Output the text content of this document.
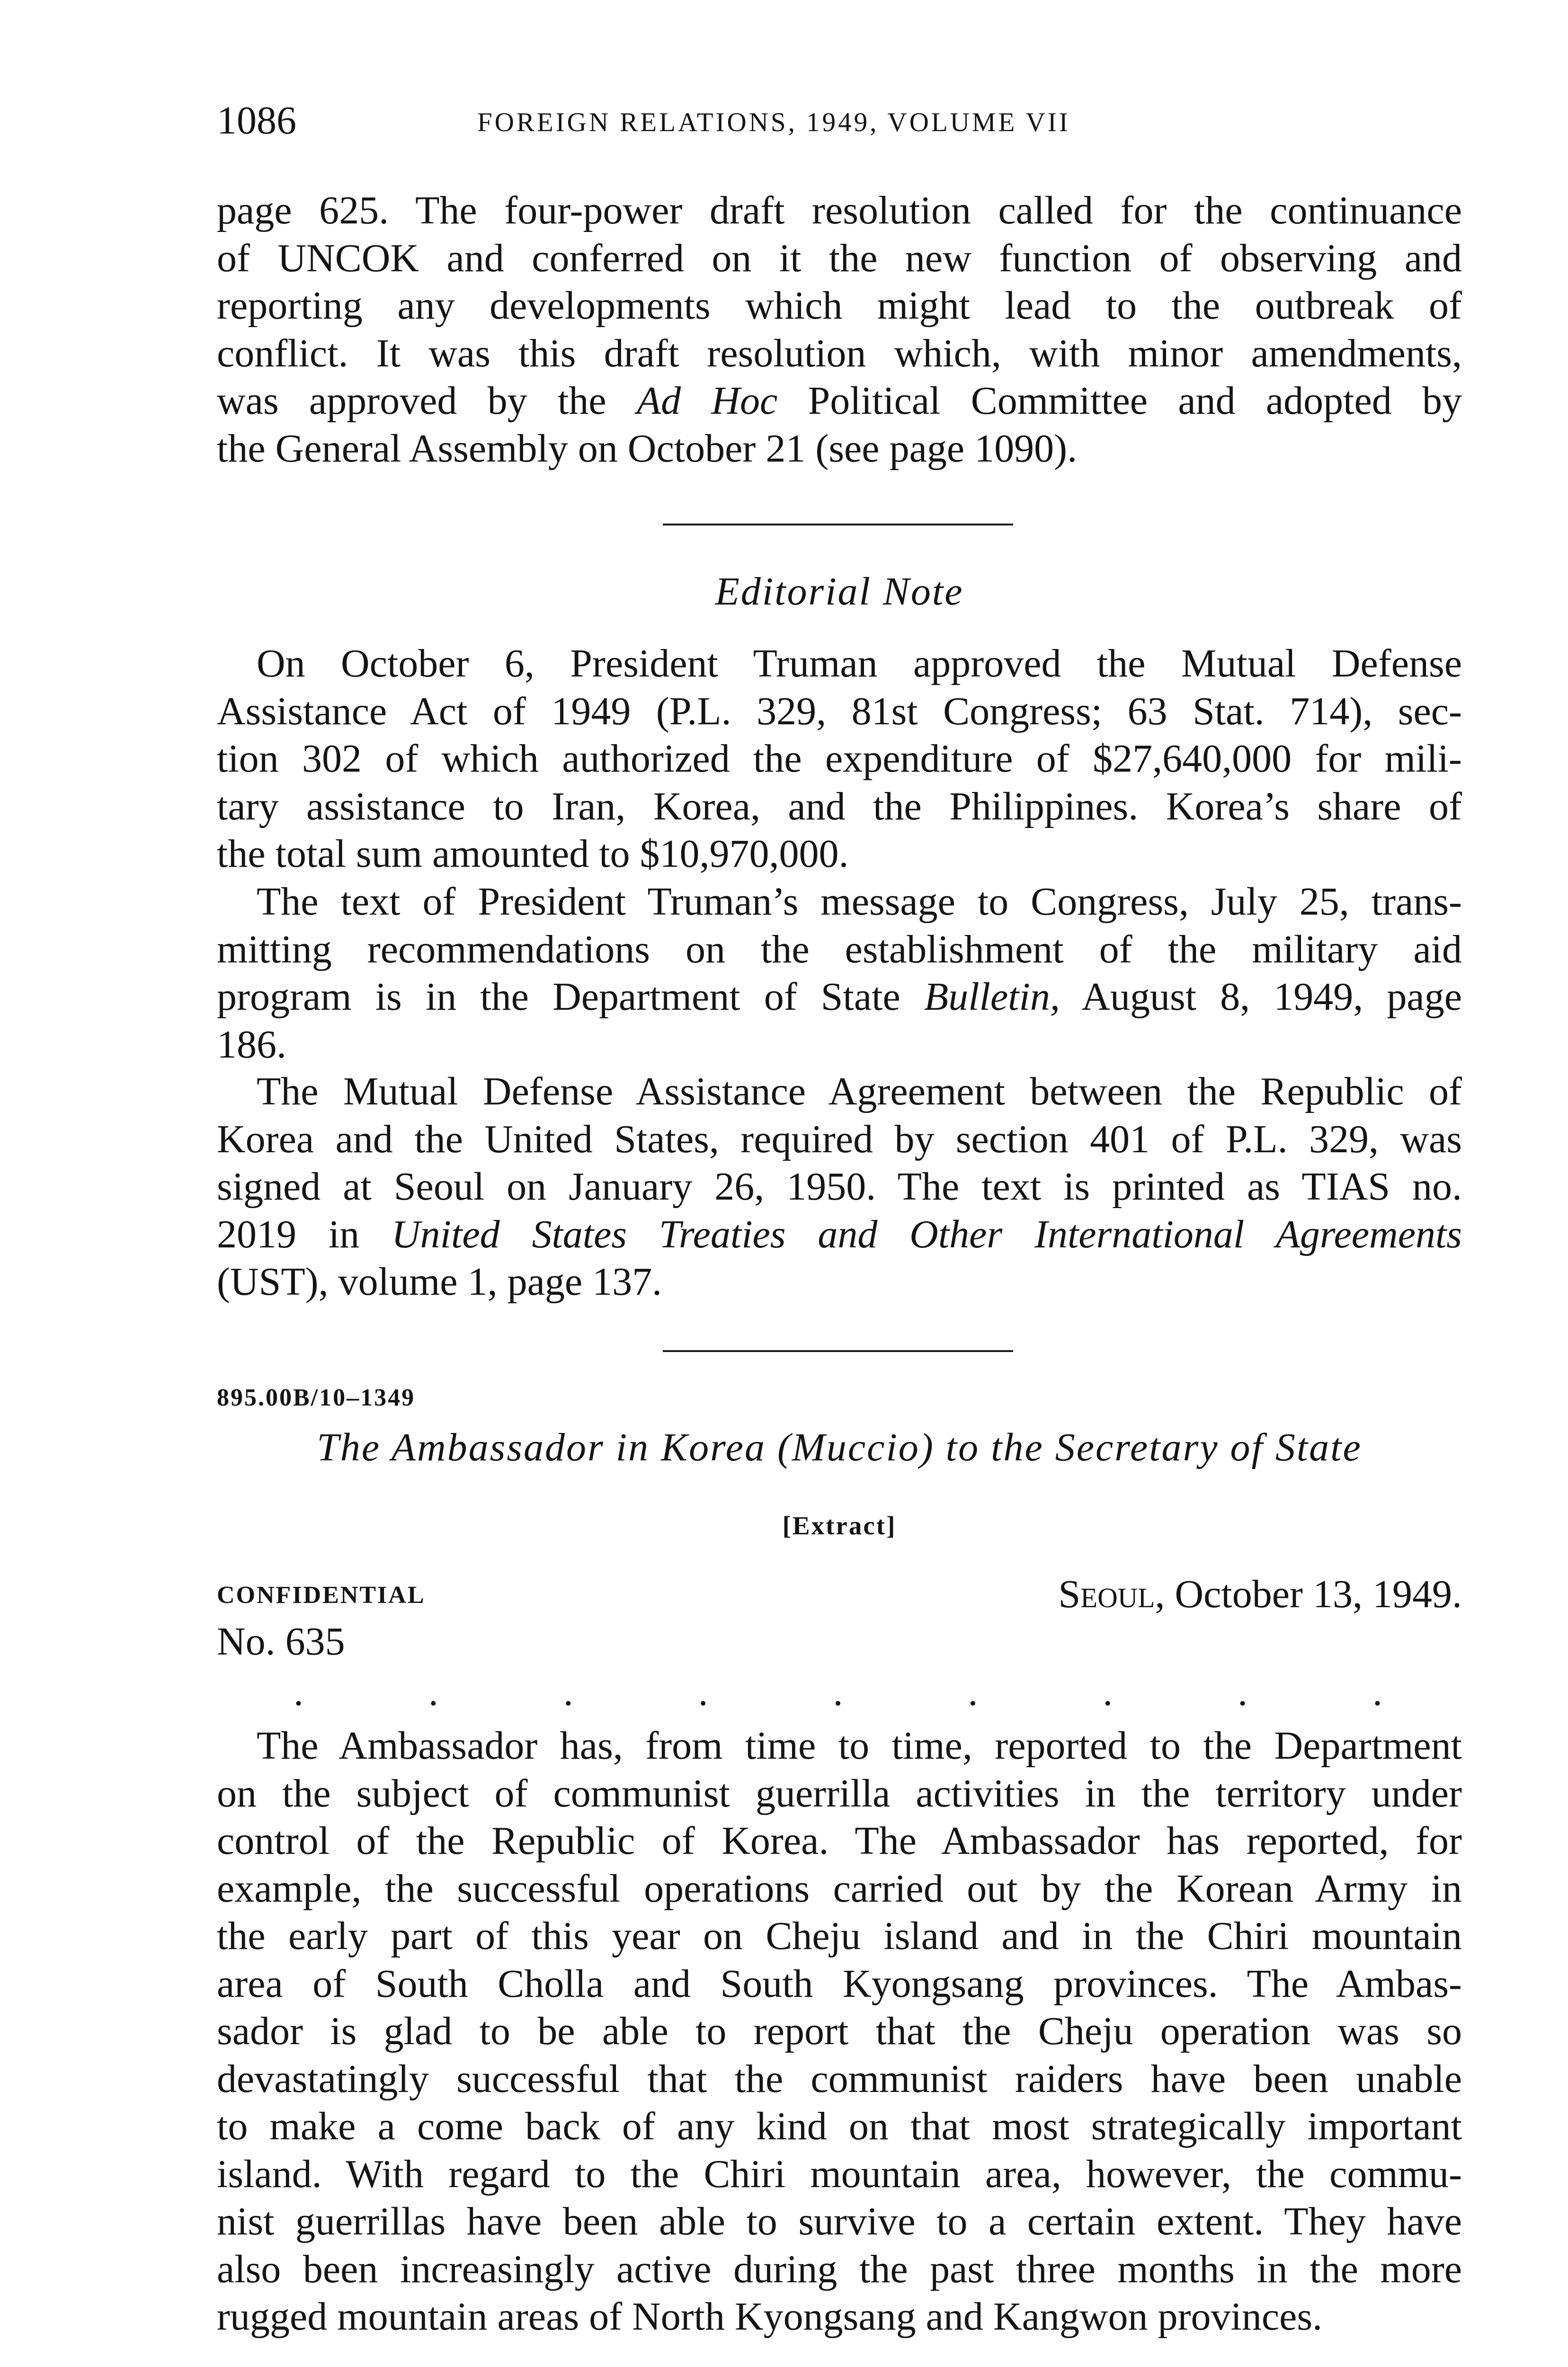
1086	FOREIGN RELATIONS, 1949, VOLUME VII
page 625. The four-power draft resolution called for the continuance
of UNCOK and conferred on it the new function of observing and
reporting any developments which might lead to the outbreak of
conflict. It was this draft resolution which, with minor amendments,
was approved by the Ad Hoc Political Committee and adopted by
the General Assembly on October 21 (see page 1090).
Editorial Note
On October 6, President Truman approved the Mutual Defense
Assistance Act of 1949 (P.L. 329, 81st Congress; 63 Stat. 714), sec-
tion 302 of which authorized the expenditure of $27,640,000 for mili-
tary assistance to Iran, Korea, and the Philippines. Korea’s share of
the total sum amounted to $10,970,000.
The text of President Truman’s message to Congress, July 25, trans-
mitting recommendations on the establishment of the military aid
program is in the Department of State Bulletin, August 8, 1949, page
186.
The Mutual Defense Assistance Agreement between the Republic of
Korea and the United States, required by section 401 of P.L. 329, was
signed at Seoul on January 26, 1950. The text is printed as TIAS no.
2019 in United States Treaties and Other International Agreements
(UST), volume 1, page 137.
895.00B/10–1349
The Ambassador in Korea (Muccio) to the Secretary of State
[Extract]
CONFIDENTIAL	Seoul, October 13, 1949.
No. 635
.	.	.	.	.	.	.	.	.
The Ambassador has, from time to time, reported to the Department
on the subject of communist guerrilla activities in the territory under
control of the Republic of Korea. The Ambassador has reported, for
example, the successful operations carried out by the Korean Army in
the early part of this year on Cheju island and in the Chiri mountain
area of South Cholla and South Kyongsang provinces. The Ambas-
sador is glad to be able to report that the Cheju operation was so
devastatingly successful that the communist raiders have been unable
to make a come back of any kind on that most strategically important
island. With regard to the Chiri mountain area, however, the commu-
nist guerrillas have been able to survive to a certain extent. They have
also been increasingly active during the past three months in the more
rugged mountain areas of North Kyongsang and Kangwon provinces.
